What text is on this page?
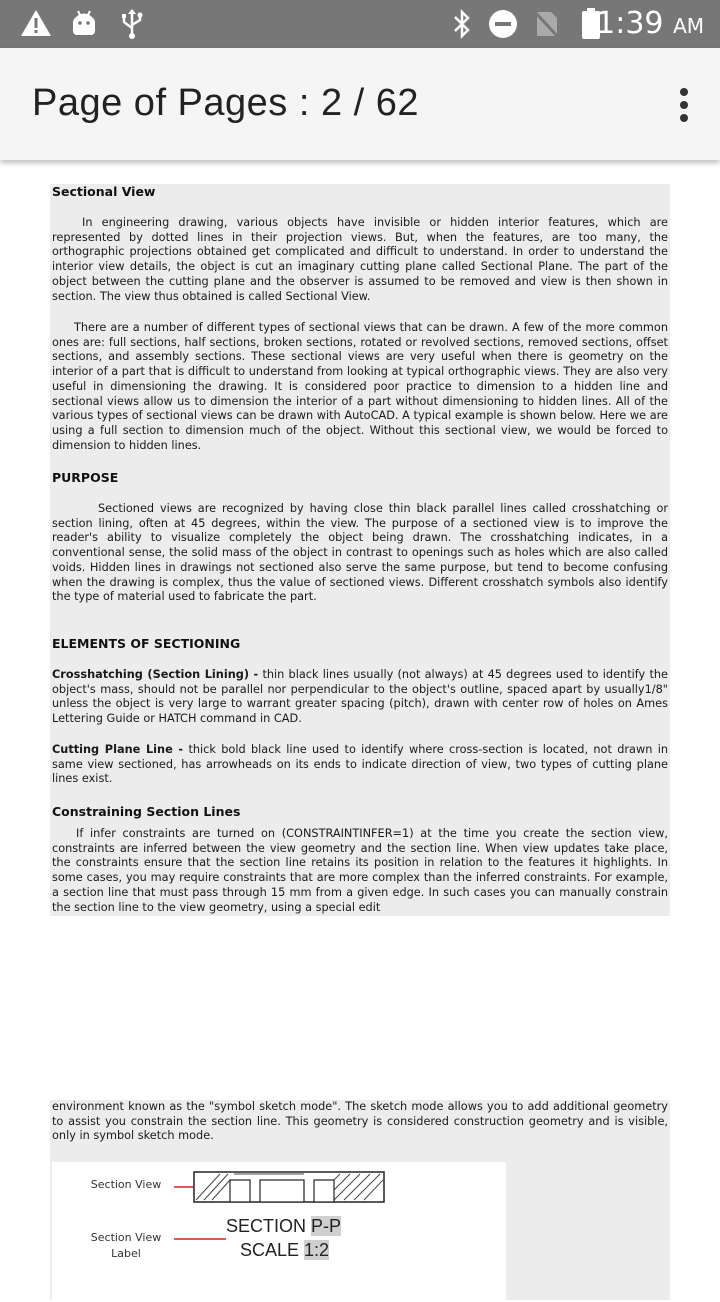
1:39 AM
Page of Pages : 2 / 62
Sectional View
In engineering drawing, various objects have invisible or hidden interior features, which are represented by dotted lines in their projection views. But, when the features, are too many, the orthographic projections obtained get complicated and difficult to understand. In order to understand the interior view details, the object is cut an imaginary cutting plane called Sectional Plane. The part of the object between the cutting plane and the observer is assumed to be removed and view is then shown in section. The view thus obtained is called Sectional View.
There are a number of different types of sectional views that can be drawn. A few of the more common ones are: full sections, half sections, broken sections, rotated or revolved sections, removed sections, offset sections, and assembly sections. These sectional views are very useful when there is geometry on the interior of a part that is difficult to understand from looking at typical orthographic views. They are also very useful in dimensioning the drawing. It is considered poor practice to dimension to a hidden line and sectional views allow us to dimension the interior of a part without dimensioning to hidden lines. All of the various types of sectional views can be drawn with AutoCAD. A typical example is shown below. Here we are using a full section to dimension much of the object. Without this sectional view, we would be forced to dimension to hidden lines.
PURPOSE
Sectioned views are recognized by having close thin black parallel lines called crosshatching or section lining, often at 45 degrees, within the view. The purpose of a sectioned view is to improve the reader's ability to visualize completely the object being drawn. The crosshatching indicates, in a conventional sense, the solid mass of the object in contrast to openings such as holes which are also called voids. Hidden lines in drawings not sectioned also serve the same purpose, but tend to become confusing when the drawing is complex, thus the value of sectioned views. Different crosshatch symbols also identify the type of material used to fabricate the part.
ELEMENTS OF SECTIONING
Crosshatching (Section Lining) - thin black lines usually (not always) at 45 degrees used to identify the object's mass, should not be parallel nor perpendicular to the object's outline, spaced apart by usually1/8" unless the object is very large to warrant greater spacing (pitch), drawn with center row of holes on Ames Lettering Guide or HATCH command in CAD.
Cutting Plane Line - thick bold black line used to identify where cross-section is located, not drawn in same view sectioned, has arrowheads on its ends to indicate direction of view, two types of cutting plane lines exist.
Constraining Section Lines
If infer constraints are turned on (CONSTRAINTINFER=1) at the time you create the section view, constraints are inferred between the view geometry and the section line. When view updates take place, the constraints ensure that the section line retains its position in relation to the features it highlights. In some cases, you may require constraints that are more complex than the inferred constraints. For example, a section line that must pass through 15 mm from a given edge. In such cases you can manually constrain the section line to the view geometry, using a special edit
environment known as the "symbol sketch mode". The sketch mode allows you to add additional geometry to assist you constrain the section line. This geometry is considered construction geometry and is visible, only in symbol sketch mode.
Section View
Section View Label
SECTION P-P
SCALE 1:2
